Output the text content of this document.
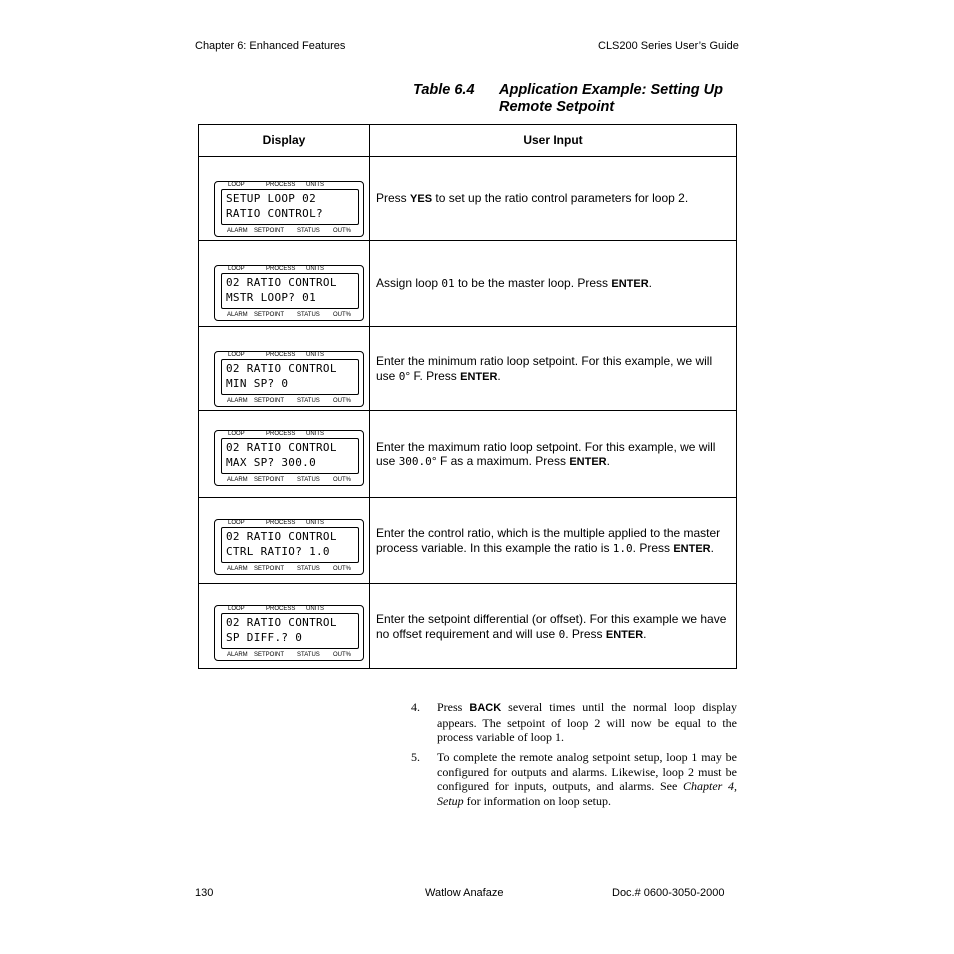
Chapter 6: Enhanced Features	CLS200 Series User’s Guide
Table 6.4	Application Example: Setting Up Remote Setpoint
Display	User Input
LOOP	PROCESS UNITS
ALARM SETPOINT STATUS OUT%
SETUP LOOP 02
RATIO CONTROL?
Press YES to set up the ratio control parameters for loop 2.
LOOP	PROCESS UNITS
ALARM SETPOINT STATUS OUT%
02 RATIO CONTROL
MSTR LOOP? 01
Assign loop 01 to be the master loop. Press ENTER.
LOOP	PROCESS UNITS
ALARM SETPOINT STATUS OUT%
02 RATIO CONTROL
MIN SP? 0
Enter the minimum ratio loop setpoint. For this example, we will use 0° F. Press ENTER.
LOOP	PROCESS UNITS
ALARM SETPOINT STATUS OUT%
02 RATIO CONTROL
MAX SP? 300.0
Enter the maximum ratio loop setpoint. For this example, we will use 300.0° F as a maximum. Press ENTER.
LOOP	PROCESS UNITS
ALARM SETPOINT STATUS OUT%
02 RATIO CONTROL
CTRL RATIO? 1.0
Enter the control ratio, which is the multiple applied to the master process variable. In this example the ratio is 1.0. Press ENTER.
LOOP	PROCESS UNITS
ALARM SETPOINT STATUS OUT%
02 RATIO CONTROL
SP DIFF.? 0
Enter the setpoint differential (or offset). For this example we have no offset requirement and will use 0. Press ENTER.
4. Press BACK several times until the normal loop display appears. The setpoint of loop 2 will now be equal to the process variable of loop 1.
5. To complete the remote analog setpoint setup, loop 1 may be configured for outputs and alarms. Likewise, loop 2 must be configured for inputs, outputs, and alarms. See Chapter 4, Setup for information on loop setup.
130	Watlow Anafaze	Doc.# 0600-3050-2000
